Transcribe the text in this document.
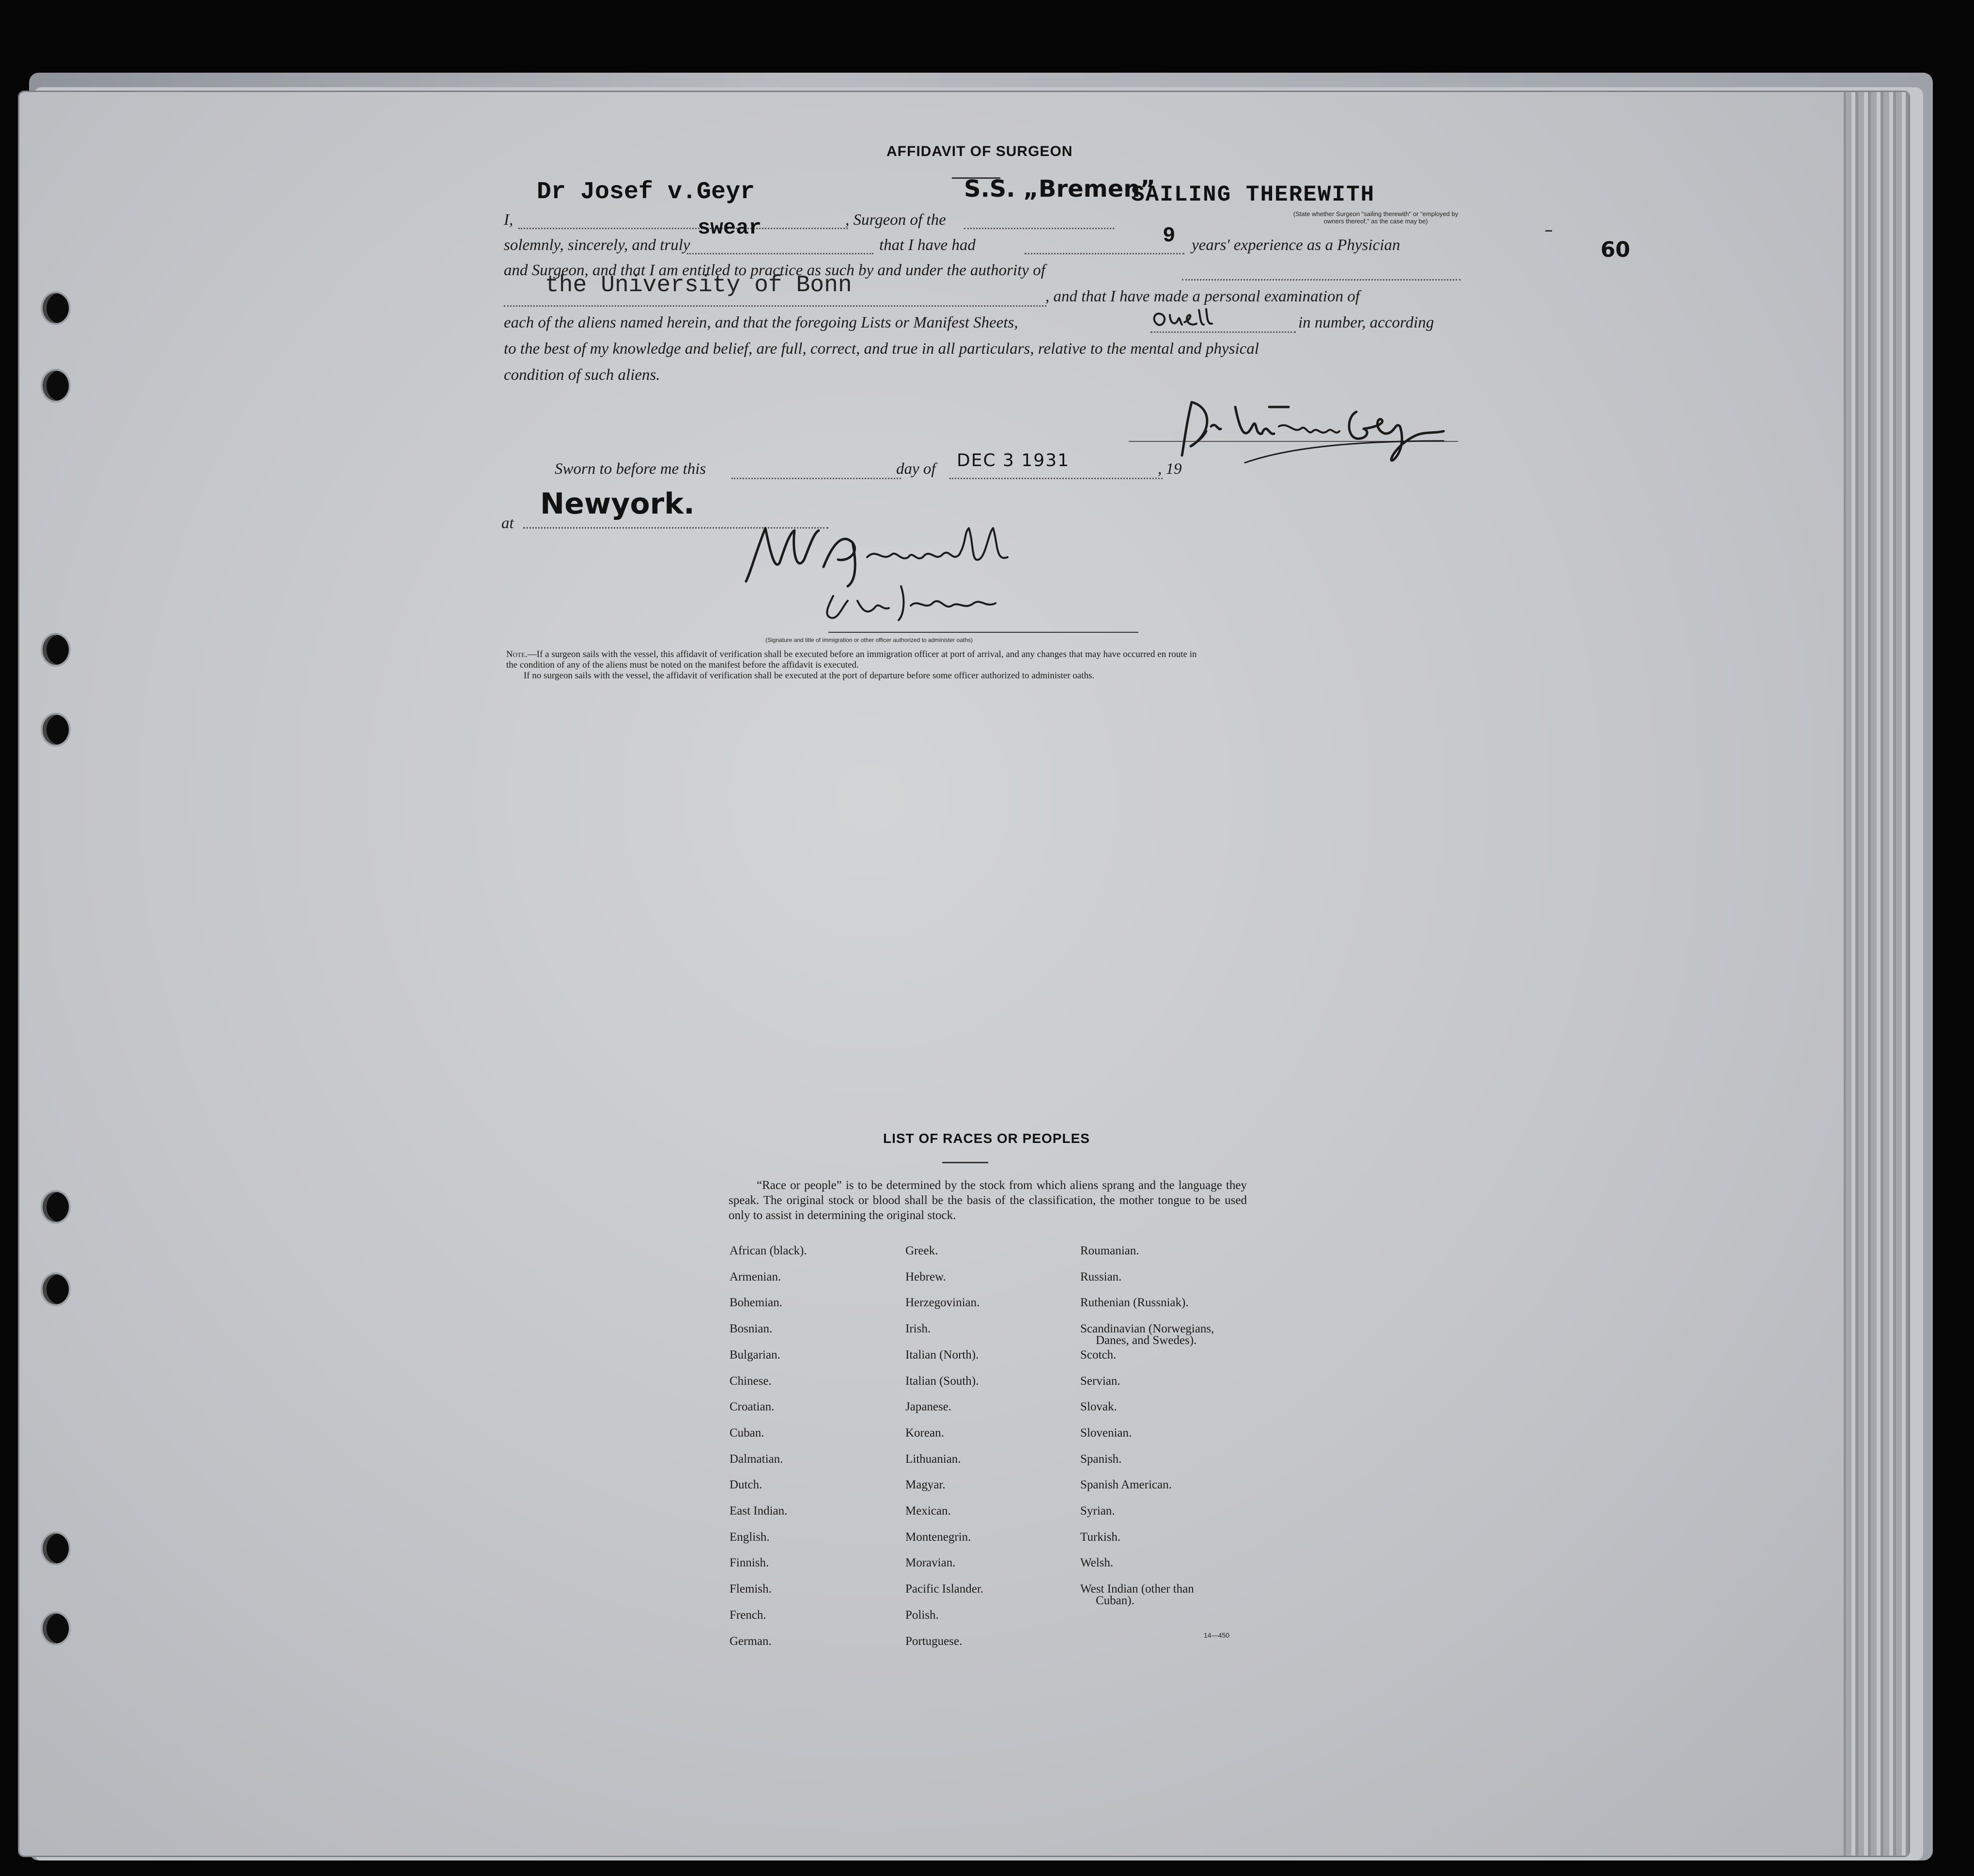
AFFIDAVIT OF SURGEON
I,
Dr Josef v.Geyr
, Surgeon of the
S.S. „Bremen”
SAILING THEREWITH
(State whether Surgeon "sailing therewith" or "employed by owners thereof," as the case may be)
solemnly, sincerely, and truly
swear
that I have had	9 years' experience as a Physician
and Surgeon, and that I am entitled to practice as such by and under the authority of
the University of Bonn	, and that I have made a personal examination of
each of the aliens named herein, and that the foregoing Lists or Manifest Sheets,	in number, according
to the best of my knowledge and belief, are full, correct, and true in all particulars, relative to the mental and physical
condition of such aliens.
Sworn to before me this	day of DEC 3 1931	, 19
at
Newyork.
(Signature and title of immigration or other officer authorized to administer oaths)
Note.—If a surgeon sails with the vessel, this affidavit of verification shall be executed before an immigration officer at port of arrival, and any changes that may have occurred en route in
the condition of any of the aliens must be noted on the manifest before the affidavit is executed.
If no surgeon sails with the vessel, the affidavit of verification shall be executed at the port of departure before some officer authorized to administer oaths.
60
LIST OF RACES OR PEOPLES
“Race or people” is to be determined by the stock from which aliens sprang and the language they speak. The original stock or blood shall be the basis of the classification, the mother tongue to be used only to assist in determining the original stock.
14—450
African (black).
Armenian.
Bohemian.
Bosnian.
Bulgarian.
Chinese.
Croatian.
Cuban.
Dalmatian.
Dutch.
East Indian.
English.
Finnish.
Flemish.
French.
German.
Greek.
Hebrew.
Herzegovinian.
Irish.
Italian (North).
Italian (South).
Japanese.
Korean.
Lithuanian.
Magyar.
Mexican.
Montenegrin.
Moravian.
Pacific Islander.
Polish.
Portuguese.
Roumanian.
Russian.
Ruthenian (Russniak).
Scandinavian (Norwegians,
Danes, and Swedes).
Scotch.
Servian.
Slovak.
Slovenian.
Spanish.
Spanish American.
Syrian.
Turkish.
Welsh.
West Indian (other than
Cuban).
